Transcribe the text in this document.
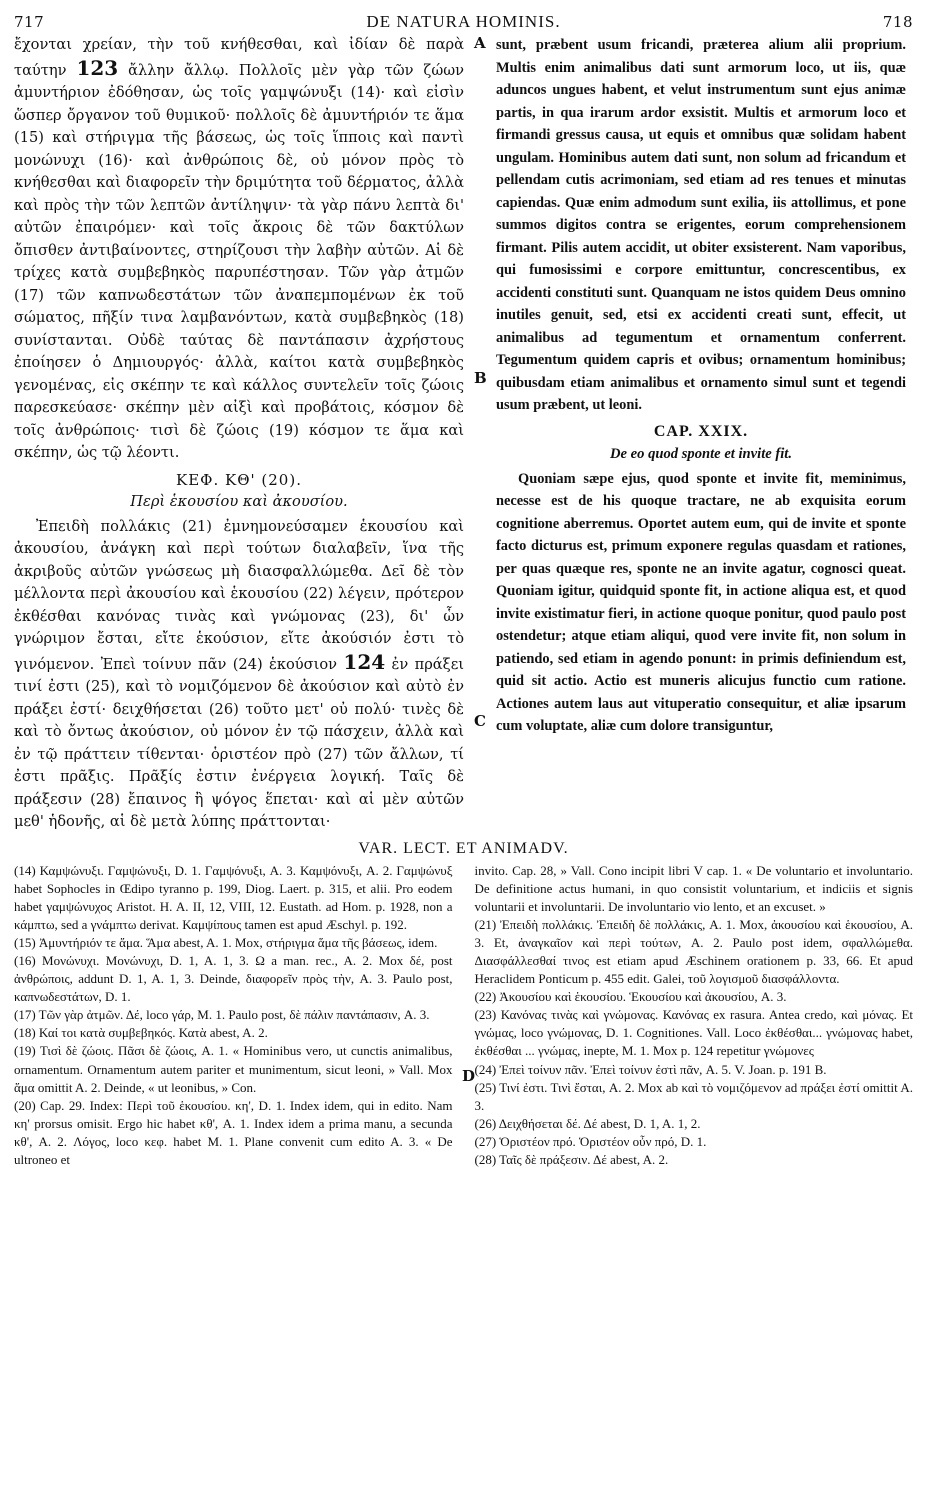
717	DE NATURA HOMINIS.	718

ἔχονται χρείαν, τὴν τοῦ κνήθεσθαι, καὶ ἰδίαν δὲ παρὰ ταύτην 123 ἄλλην ἄλλῳ. Πολλοῖς μὲν γὰρ τῶν ζώων ἀμυντήριον ἐδόθησαν, ὡς τοῖς γαμψώνυξι (14)· καὶ εἰσὶν ὥσπερ ὄργανον τοῦ θυμικοῦ· πολλοῖς δὲ ἀμυντήριόν τε ἅμα (15) καὶ στήριγμα τῆς βάσεως, ὡς τοῖς ἵπποις καὶ παντὶ μονώνυχι (16)· καὶ ἀνθρώποις δὲ, οὐ μόνον πρὸς τὸ κνήθεσθαι καὶ διαφορεῖν τὴν δριμύτητα τοῦ δέρματος, ἀλλὰ καὶ πρὸς τὴν τῶν λεπτῶν ἀντίληψιν· τὰ γὰρ πάνυ λεπτὰ δι' αὐτῶν ἐπαιρόμεν· καὶ τοῖς ἄκροις δὲ τῶν δακτύλων ὄπισθεν ἀντιβαίνοντες, στηρίζουσι τὴν λαβὴν αὐτῶν. Αἱ δὲ τρίχες κατὰ συμβεβηκὸς παρυπέστησαν. Τῶν γὰρ ἀτμῶν (17) τῶν καπνωδεστάτων τῶν ἀναπεμπομένων ἐκ τοῦ σώματος, πῆξίν τινα λαμβανόντων, κατὰ συμβεβηκὸς (18) συνίστανται. Οὐδὲ ταύτας δὲ παντάπασιν ἀχρήστους ἐποίησεν ὁ Δημιουργός· ἀλλὰ, καίτοι κατὰ συμβεβηκὸς γενομένας, εἰς σκέπην τε καὶ κάλλος συντελεῖν τοῖς ζώοις παρεσκεύασε· σκέπην μὲν αἰξὶ καὶ προβάτοις, κόσμον δὲ τοῖς ἀνθρώποις· τισὶ δὲ ζώοις (19) κόσμον τε ἅμα καὶ σκέπην, ὡς τῷ λέοντι.

ΚΕΦ. ΚΘ' (20).
Περὶ ἑκουσίου καὶ ἀκουσίου.

Ἐπειδὴ πολλάκις (21) ἐμνημονεύσαμεν ἑκουσίου καὶ ἀκουσίου, ἀνάγκη καὶ περὶ τούτων διαλαβεῖν, ἵνα τῆς ἀκριβοῦς αὐτῶν γνώσεως μὴ διασφαλλώμεθα. Δεῖ δὲ τὸν μέλλοντα περὶ ἀκουσίου καὶ ἑκουσίου (22) λέγειν, πρότερον ἐκθέσθαι κανόνας τινὰς καὶ γνώμονας (23), δι' ὧν γνώριμον ἔσται, εἴτε ἑκούσιον, εἴτε ἀκούσιόν ἐστι τὸ γινόμενον. Ἐπεὶ τοίνυν πᾶν (24) ἑκούσιον 124 ἐν πράξει τινί ἐστι (25), καὶ τὸ νομιζόμενον δὲ ἀκούσιον καὶ αὐτὸ ἐν πράξει ἐστί· δειχθήσεται (26) τοῦτο μετ' οὐ πολύ· τινὲς δὲ καὶ τὸ ὄντως ἀκούσιον, οὐ μόνον ἐν τῷ πάσχειν, ἀλλὰ καὶ ἐν τῷ πράττειν τίθενται· ὁριστέον πρὸ (27) τῶν ἄλλων, τί ἐστι πρᾶξις. Πρᾶξίς ἐστιν ἐνέργεια λογική. Ταῖς δὲ πράξεσιν (28) ἔπαινος ἢ ψόγος ἕπεται· καὶ αἱ μὲν αὐτῶν μεθ' ἡδονῆς, αἱ δὲ μετὰ λύπης πράττονται·

A
B
C

sunt, præbent usum fricandi, præterea alium alii proprium. Multis enim animalibus dati sunt armorum loco, ut iis, quæ aduncos ungues habent, et velut instrumentum sunt ejus animæ partis, in qua irarum ardor exsistit. Multis et armorum loco et firmandi gressus causa, ut equis et omnibus quæ solidam habent ungulam. Hominibus autem dati sunt, non solum ad fricandum et pellendam cutis acrimoniam, sed etiam ad res tenues et minutas capiendas. Quæ enim admodum sunt exilia, iis attollimus, et pone summos digitos contra se erigentes, eorum comprehensionem firmant. Pilis autem accidit, ut obiter exsisterent. Nam vaporibus, qui fumosissimi e corpore emittuntur, concrescentibus, ex accidenti constituti sunt. Quanquam ne istos quidem Deus omnino inutiles genuit, sed, etsi ex accidenti creati sunt, effecit, ut animalibus ad tegumentum et ornamentum conferrent. Tegumentum quidem capris et ovibus; ornamentum hominibus; quibusdam etiam animalibus et ornamento simul sunt et tegendi usum præbent, ut leoni.

CAP. XXIX.
De eo quod sponte et invite fit.

Quoniam sæpe ejus, quod sponte et invite fit, meminimus, necesse est de his quoque tractare, ne ab exquisita eorum cognitione aberremus. Oportet autem eum, qui de invite et sponte facto dicturus est, primum exponere regulas quasdam et rationes, per quas quæque res, sponte ne an invite agatur, cognosci queat. Quoniam igitur, quidquid sponte fit, in actione aliqua est, et quod invite existimatur fieri, in actione quoque ponitur, quod paulo post ostendetur; atque etiam aliqui, quod vere invite fit, non solum in patiendo, sed etiam in agendo ponunt: in primis definiendum est, quid sit actio. Actio est muneris alicujus functio cum ratione. Actiones autem laus aut vituperatio consequitur, et aliæ ipsarum cum voluptate, aliæ cum dolore transiguntur,

VAR. LECT. ET ANIMADV.

(14) Καμψώνυξι. Γαμψώνυξι, D. 1. Γαμψόνυξι, A. 3. Καμψόνυξι, A. 2. Γαμψώνυξ habet Sophocles in Œdipo tyranno p. 199, Diog. Laert. p. 315, et alii. Pro eodem habet γαμψώνυχος Aristot. H. A. II, 12, VIII, 12. Eustath. ad Hom. p. 1928, non a κάμπτω, sed a γνάμπτω derivat. Καμψίπους tamen est apud Æschyl. p. 192.

(15) Ἀμυντήριόν τε ἅμα. Ἅμα abest, A. 1. Mox, στήριγμα ἅμα τῆς βάσεως, idem.

(16) Μονώνυχι. Μονώνυχι, D. 1, A. 1, 3. Ω a man. rec., A. 2. Mox δέ, post ἀνθρώποις, addunt D. 1, A. 1, 3. Deinde, διαφορεῖν πρὸς τὴν, A. 3. Paulo post, καπνωδεστάτων, D. 1.

(17) Τῶν γὰρ ἀτμῶν. Δέ, loco γάρ, M. 1. Paulo post, δὲ πάλιν παντάπασιν, A. 3.

(18) Καί τοι κατὰ συμβεβηκός. Κατὰ abest, A. 2.

(19) Τισὶ δὲ ζώοις. Πᾶσι δὲ ζώοις, A. 1. « Hominibus vero, ut cunctis animalibus, ornamentum. Ornamentum autem pariter et munimentum, sicut leoni, » Vall. Mox ἅμα omittit A. 2. Deinde, « ut leonibus, » Con.

(20) Cap. 29. Index: Περὶ τοῦ ἑκουσίου. κη', D. 1. Index idem, qui in edito. Nam κη' prorsus omisit. Ergo hic habet κθ', A. 1. Index idem a prima manu, a secunda κθ', A. 2. Λόγος, loco κεφ. habet M. 1. Plane convenit cum edito A. 3. « De ultroneo et

D

invito. Cap. 28, » Vall. Cono incipit libri V cap. 1. « De voluntario et involuntario. De definitione actus humani, in quo consistit voluntarium, et indiciis et signis voluntarii et involuntarii. De involuntario vio lento, et an excuset. »

(21) Ἐπειδὴ πολλάκις. Ἐπειδὴ δὲ πολλάκις, A. 1. Mox, ἀκουσίου καὶ ἑκουσίου, A. 3. Et, ἀναγκαῖον καὶ περὶ τούτων, A. 2. Paulo post idem, σφαλλώμεθα. Διασφάλλεσθαί τινος est etiam apud Æschinem orationem p. 33, 66. Et apud Heraclidem Ponticum p. 455 edit. Galei, τοῦ λογισμοῦ διασφάλλοντα.

(22) Ἀκουσίου καὶ ἑκουσίου. Ἑκουσίου καὶ ἀκουσίου, A. 3.

(23) Κανόνας τινὰς καὶ γνώμονας. Κανόνας ex rasura. Antea credo, καὶ μόνας. Et γνώμας, loco γνώμονας, D. 1. Cognitiones. Vall. Loco ἐκθέσθαι... γνώμονας habet, ἐκθέσθαι ... γνώμας, inepte, M. 1. Mox p. 124 repetitur γνώμονες

(24) Ἐπεὶ τοίνυν πᾶν. Ἐπεὶ τοίνυν ἐστὶ πᾶν, A. 5. V. Joan. p. 191 B.

(25) Τινί ἐστι. Τινὶ ἔσται, A. 2. Mox ab καὶ τὸ νομιζόμενον ad πράξει ἐστί omittit A. 3.

(26) Δειχθήσεται δέ. Δέ abest, D. 1, A. 1, 2.

(27) Ὁριστέον πρό. Ὁριστέον οὖν πρό, D. 1.

(28) Ταῖς δὲ πράξεσιν. Δέ abest, A. 2.
